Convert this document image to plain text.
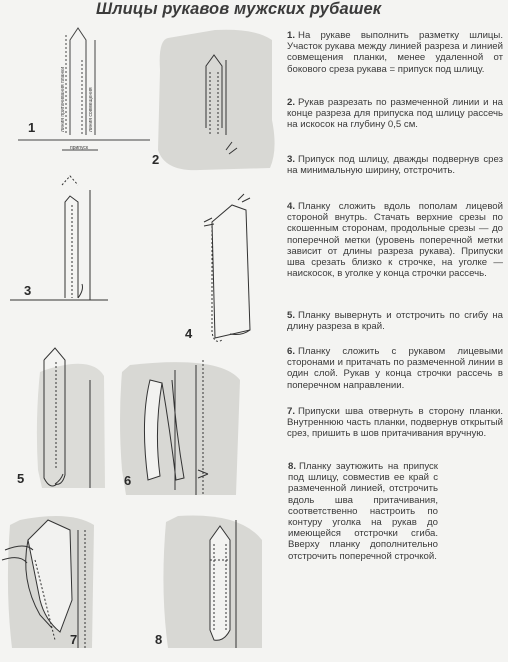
Шлицы рукавов мужских рубашек
линия притачивания планки	линия совмещения
припуск
1
2
3
4
5	6
7	8
1. На рукаве выполнить разметку шлицы. Участок рукава между линией разреза и линией совмещения планки, менее удаленной от бокового среза рукава = припуск под шлицу.
2. Рукав разрезать по размеченной линии и на конце разреза для припуска под шлицу рассечь на искосок на глубину 0,5 см.
3. Припуск под шлицу, дважды подвернув срез на минимальную ширину, отстрочить.
4. Планку сложить вдоль пополам лицевой стороной внутрь. Стачать верхние срезы по скошенным сторонам, продольные срезы — до поперечной метки (уровень поперечной метки зависит от длины разреза рукава). Припуски шва срезать близко к строчке, на уголке — наискосок, в уголке у конца строчки рассечь.
5. Планку вывернуть и отстрочить по сгибу на длину разреза в край.
6. Планку сложить с рукавом лицевыми сторонами и притачать по размеченной линии в один слой. Рукав у конца строчки рассечь в поперечном направлении.
7. Припуски шва отвернуть в сторону планки. Внутреннюю часть планки, подвернув открытый срез, пришить в шов притачивания вручную.
8. Планку заутюжить на припуск под шлицу, совместив ее край с размеченной линией, отстрочить вдоль шва притачивания, соответственно настроить по контуру уголка на рукав до имеющейся отстрочки сгиба. Вверху планку дополнительно отстрочить поперечной строчкой.
